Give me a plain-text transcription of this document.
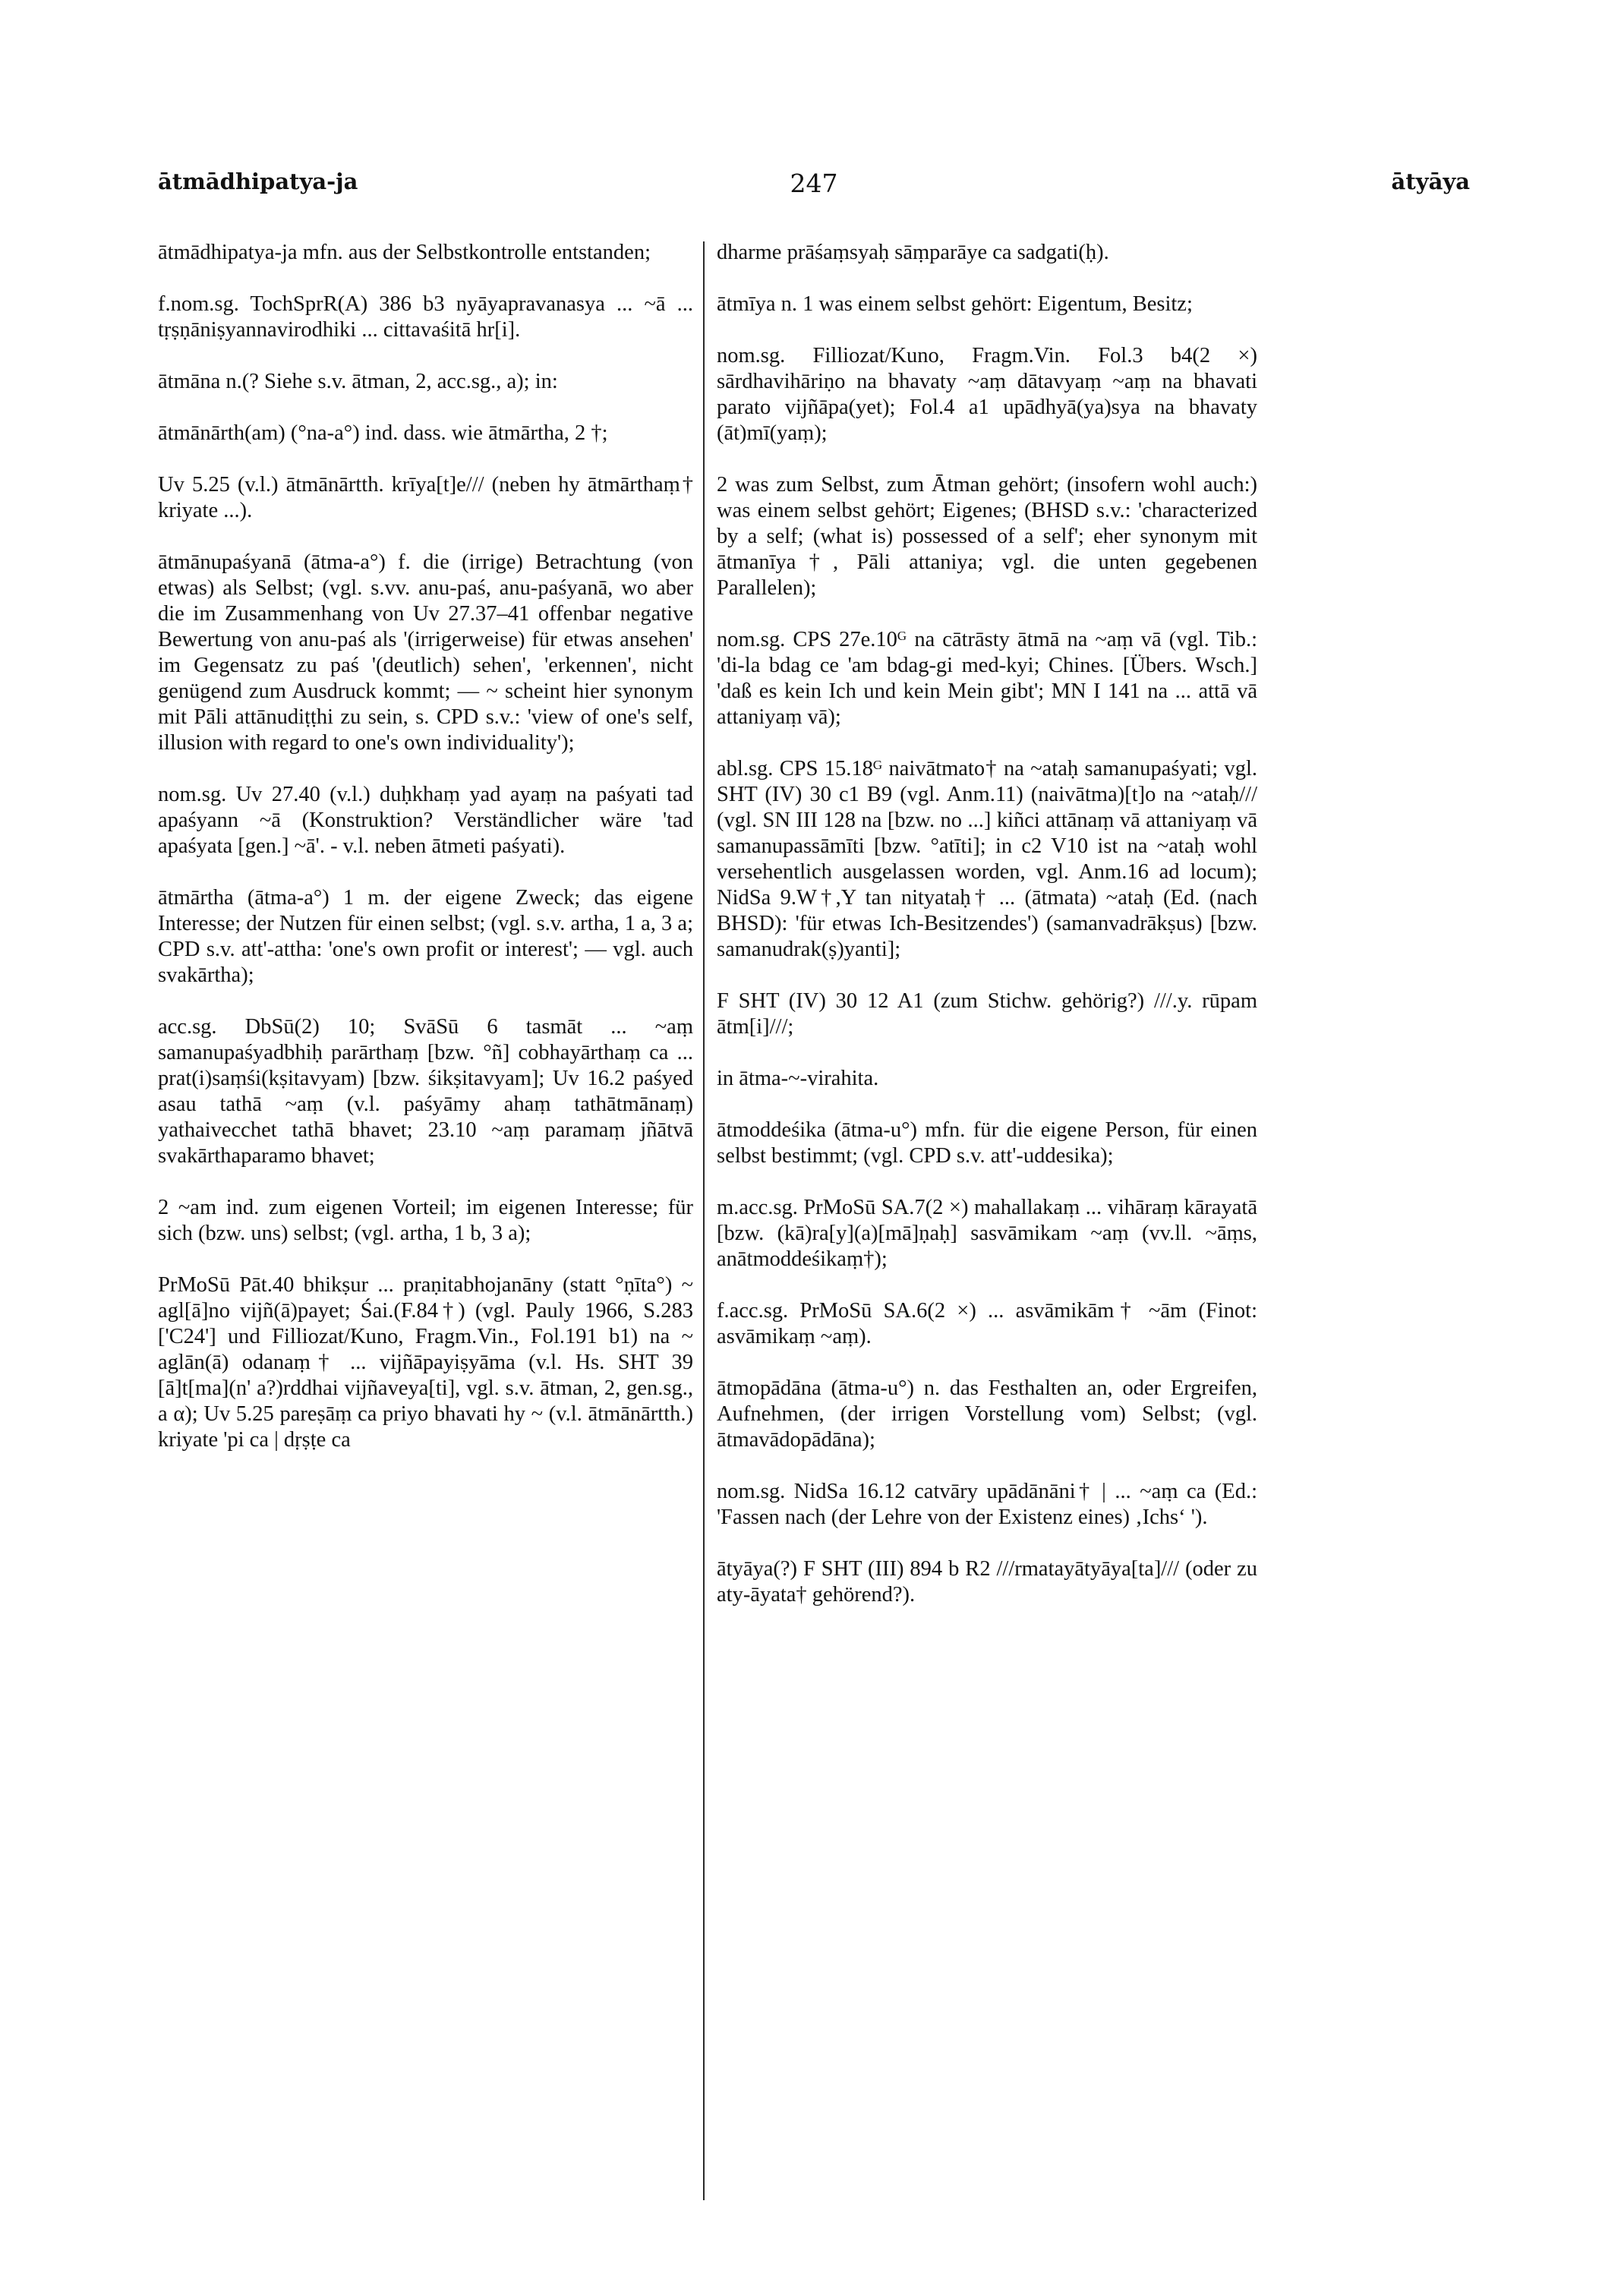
ātmādhipatya-ja	247	ātyāya

ātmādhipatya-ja mfn. aus der Selbstkontrolle entstanden;

f.nom.sg. TochSprR(A) 386 b3 nyāyapravanasya ... ~ā ... tṛṣṇāniṣyannavirodhiki ... cittavaśitā hr[i].

ātmāna n.(? Siehe s.v. ātman, 2, acc.sg., a); in:

ātmānārth(am) (°na-a°) ind. dass. wie ātmārtha, 2 †;

Uv 5.25 (v.l.) ātmānārtth. krīya[t]e/// (neben hy ātmārthaṃ† kriyate ...).

ātmānupaśyanā (ātma-a°) f. die (irrige) Betrachtung (von etwas) als Selbst; (vgl. s.vv. anu-paś, anu-paśyanā, wo aber die im Zusammenhang von Uv 27.37–41 offenbar negative Bewertung von anu-paś als '(irrigerweise) für etwas ansehen' im Gegensatz zu paś '(deutlich) sehen', 'erkennen', nicht genügend zum Ausdruck kommt; — ~ scheint hier synonym mit Pāli attānudiṭṭhi zu sein, s. CPD s.v.: 'view of one's self, illusion with regard to one's own individuality');

nom.sg. Uv 27.40 (v.l.) duḥkhaṃ yad ayaṃ na paśyati tad apaśyann ~ā (Konstruktion? Verständlicher wäre 'tad apaśyata [gen.] ~ā'. - v.l. neben ātmeti paśyati).

ātmārtha (ātma-a°) 1 m. der eigene Zweck; das eigene Interesse; der Nutzen für einen selbst; (vgl. s.v. artha, 1 a, 3 a; CPD s.v. att'-attha: 'one's own profit or interest'; — vgl. auch svakārtha);

acc.sg. DbSū(2) 10; SvāSū 6 tasmāt ... ~aṃ samanupaśyadbhiḥ parārthaṃ [bzw. °ñ] cobhayārthaṃ ca ... prat(i)saṃśi(kṣitavyam) [bzw. śikṣitavyam]; Uv 16.2 paśyed asau tathā ~aṃ (v.l. paśyāmy ahaṃ tathātmānaṃ) yathaivecchet tathā bhavet; 23.10 ~aṃ paramaṃ jñātvā svakārthaparamo bhavet;

2 ~am ind. zum eigenen Vorteil; im eigenen Interesse; für sich (bzw. uns) selbst; (vgl. artha, 1 b, 3 a);

PrMoSū Pāt.40 bhikṣur ... praṇitabhojanāny (statt °ṇīta°) ~ agl[ā]no vijñ(ā)payet; Śai.(F.84†) (vgl. Pauly 1966, S.283 ['C24'] und Filliozat/Kuno, Fragm.Vin., Fol.191 b1) na ~ aglān(ā) odanaṃ† ... vijñāpayiṣyāma (v.l. Hs. SHT 39 [ā]t[ma](n' a?)rddhai vijñaveya[ti], vgl. s.v. ātman, 2, gen.sg., a α); Uv 5.25 pareṣāṃ ca priyo bhavati hy ~ (v.l. ātmānārtth.) kriyate 'pi ca | dṛṣṭe ca

dharme prāśaṃsyaḥ sāṃparāye ca sadgati(ḥ).

ātmīya n. 1 was einem selbst gehört: Eigentum, Besitz;

nom.sg. Filliozat/Kuno, Fragm.Vin. Fol.3 b4(2 ×) sārdhavihāriṇo na bhavaty ~aṃ dātavyaṃ ~aṃ na bhavati parato vijñāpa(yet); Fol.4 a1 upādhyā(ya)sya na bhavaty (āt)mī(yaṃ);

2 was zum Selbst, zum Ātman gehört; (insofern wohl auch:) was einem selbst gehört; Eigenes; (BHSD s.v.: 'characterized by a self; (what is) possessed of a self'; eher synonym mit ātmanīya†, Pāli attaniya; vgl. die unten gegebenen Parallelen);

nom.sg. CPS 27e.10ᴳ na cātrāsty ātmā na ~aṃ vā (vgl. Tib.: 'di-la bdag ce 'am bdag-gi med-kyi; Chines. [Übers. Wsch.] 'daß es kein Ich und kein Mein gibt'; MN I 141 na ... attā vā attaniyaṃ vā);

abl.sg. CPS 15.18ᴳ naivātmato† na ~ataḥ samanupaśyati; vgl. SHT (IV) 30 c1 B9 (vgl. Anm.11) (naivātma)[t]o na ~ataḥ/// (vgl. SN III 128 na [bzw. no ...] kiñci attānaṃ vā attaniyaṃ vā samanupassāmīti [bzw. °atīti]; in c2 V10 ist na ~ataḥ wohl versehentlich ausgelassen worden, vgl. Anm.16 ad locum); NidSa 9.W†,Y tan nityataḥ† ... (ātmata) ~ataḥ (Ed. (nach BHSD): 'für etwas Ich-Besitzendes') (samanvadrākṣus) [bzw. samanudrak(ṣ)yanti];

F SHT (IV) 30 12 A1 (zum Stichw. gehörig?) ///.y. rūpam ātm[i]///;

in ātma-~-virahita.

ātmoddeśika (ātma-u°) mfn. für die eigene Person, für einen selbst bestimmt; (vgl. CPD s.v. att'-uddesika);

m.acc.sg. PrMoSū SA.7(2 ×) mahallakaṃ ... vihāraṃ kārayatā [bzw. (kā)ra[y](a)[mā]ṇaḥ] sasvāmikam ~aṃ (vv.ll. ~āṃs, anātmoddeśikaṃ†);

f.acc.sg. PrMoSū SA.6(2 ×) ... asvāmikām† ~ām (Finot: asvāmikaṃ ~aṃ).

ātmopādāna (ātma-u°) n. das Festhalten an, oder Ergreifen, Aufnehmen, (der irrigen Vorstellung vom) Selbst; (vgl. ātmavādopādāna);

nom.sg. NidSa 16.12 catvāry upādānāni† | ... ~aṃ ca (Ed.: 'Fassen nach (der Lehre von der Existenz eines) ‚Ichs‘ ').

ātyāya(?) F SHT (III) 894 b R2 ///rmatayātyāya[ta]/// (oder zu aty-āyata† gehörend?).
